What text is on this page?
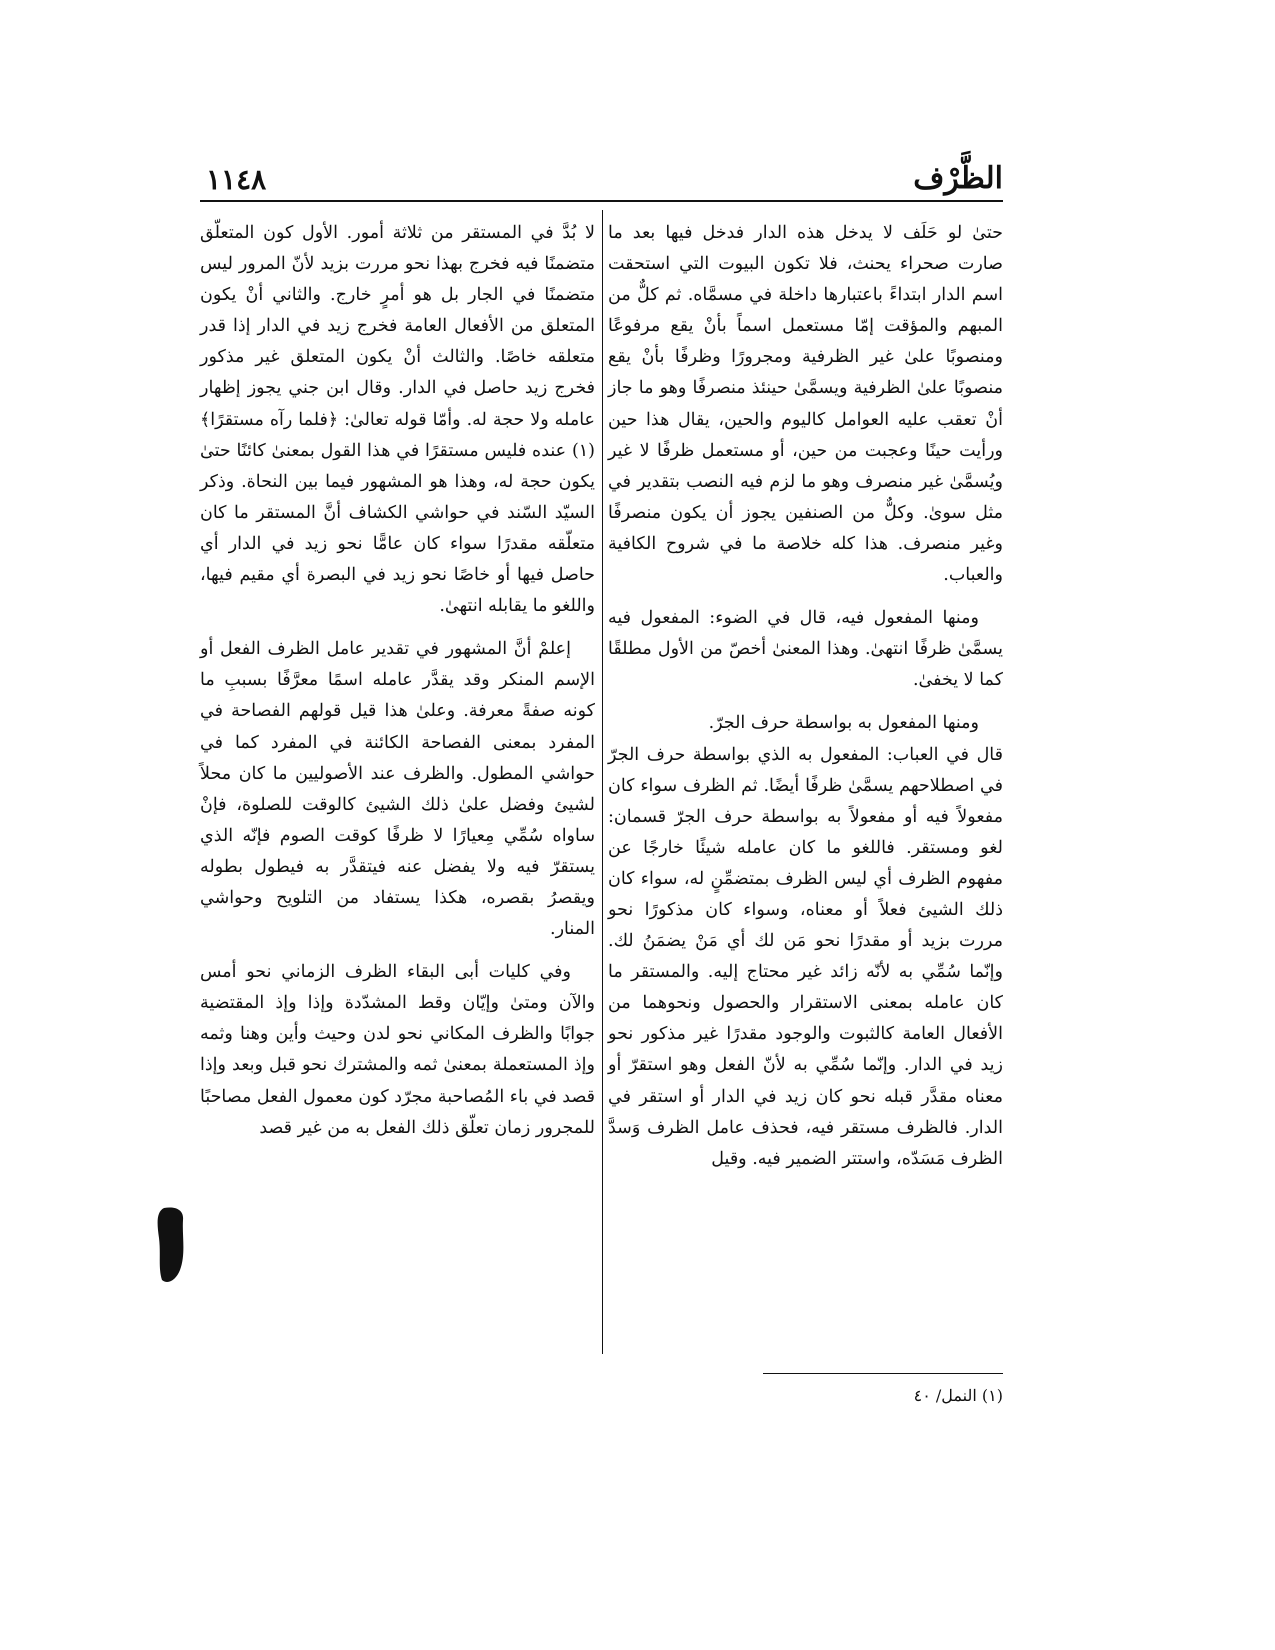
الظَّرْف
١١٤٨

حتىٰ لو حَلَف لا يدخل هذه الدار فدخل فيها بعد ما صارت صحراء يحنث، فلا تكون البيوت التي استحقت اسم الدار ابتداءً باعتبارها داخلة في مسمَّاه. ثم كلٌّ من المبهم والمؤقت إمّا مستعمل اسماً بأنْ يقع مرفوعًا ومنصوبًا علىٰ غير الظرفية ومجرورًا وظرفًا بأنْ يقع منصوبًا علىٰ الظرفية ويسمَّىٰ حينئذ منصرفًا وهو ما جاز أنْ تعقب عليه العوامل كاليوم والحين، يقال هذا حين ورأيت حينًا وعجبت من حين، أو مستعمل ظرفًا لا غير ويُسمَّىٰ غير منصرف وهو ما لزم فيه النصب بتقدير في مثل سوىٰ. وكلٌّ من الصنفين يجوز أن يكون منصرفًا وغير منصرف. هذا كله خلاصة ما في شروح الكافية والعباب.

ومنها المفعول فيه، قال في الضوء: المفعول فيه يسمَّىٰ ظرفًا انتهىٰ. وهذا المعنىٰ أخصّ من الأول مطلقًا كما لا يخفىٰ.

ومنها المفعول به بواسطة حرف الجرّ.

قال في العباب: المفعول به الذي بواسطة حرف الجرّ في اصطلاحهم يسمَّىٰ ظرفًا أيضًا. ثم الظرف سواء كان مفعولاً فيه أو مفعولاً به بواسطة حرف الجرّ قسمان: لغو ومستقر. فاللغو ما كان عامله شيئًا خارجًا عن مفهوم الظرف أي ليس الظرف بمتضمِّنٍ له، سواء كان ذلك الشيئ فعلاً أو معناه، وسواء كان مذكورًا نحو مررت بزيد أو مقدرًا نحو مَن لك أي مَنْ يضمَنُ لك. وإنّما سُمِّي به لأنّه زائد غير محتاج إليه. والمستقر ما كان عامله بمعنى الاستقرار والحصول ونحوهما من الأفعال العامة كالثبوت والوجود مقدرًا غير مذكور نحو زيد في الدار. وإنّما سُمِّي به لأنّ الفعل وهو استقرّ أو معناه مقدَّر قبله نحو كان زيد في الدار أو استقر في الدار. فالظرف مستقر فيه، فحذف عامل الظرف وَسدَّ الظرف مَسَدّه، واستتر الضمير فيه. وقيل

لا بُدَّ في المستقر من ثلاثة أمور. الأول كون المتعلّق متضمنًا فيه فخرج بهذا نحو مررت بزيد لأنّ المرور ليس متضمنًا في الجار بل هو أمرٍ خارج. والثاني أنْ يكون المتعلق من الأفعال العامة فخرج زيد في الدار إذا قدر متعلقه خاصًا. والثالث أنْ يكون المتعلق غير مذكور فخرج زيد حاصل في الدار. وقال ابن جني يجوز إظهار عامله ولا حجة له. وأمّا قوله تعالىٰ: ﴿فلما رآه مستقرًا﴾(١) عنده فليس مستقرًا في هذا القول بمعنىٰ كائنًا حتىٰ يكون حجة له، وهذا هو المشهور فيما بين النحاة. وذكر السيّد السّند في حواشي الكشاف أنَّ المستقر ما كان متعلّقه مقدرًا سواء كان عامًّا نحو زيد في الدار أي حاصل فيها أو خاصًا نحو زيد في البصرة أي مقيم فيها، واللغو ما يقابله انتهىٰ.

إعلمْ أنَّ المشهور في تقدير عامل الظرف الفعل أو الإسم المنكر وقد يقدَّر عامله اسمًا معرَّفًا بسببِ ما كونه صفةً معرفة. وعلىٰ هذا قيل قولهم الفصاحة في المفرد بمعنى الفصاحة الكائنة في المفرد كما في حواشي المطول. والظرف عند الأصوليين ما كان محلاً لشيئ وفضل علىٰ ذلك الشيئ كالوقت للصلوة، فإنْ ساواه سُمِّي مِعيارًا لا ظرفًا كوقت الصوم فإنّه الذي يستقرّ فيه ولا يفضل عنه فيتقدَّر به فيطول بطوله ويقصرُ بقصره، هكذا يستفاد من التلويح وحواشي المنار.

وفي كليات أبى البقاء الظرف الزماني نحو أمس والآن ومتىٰ وإيّان وقط المشدّدة وإذا وإذ المقتضية جوابًا والظرف المكاني نحو لدن وحيث وأين وهنا وثمه وإذ المستعملة بمعنىٰ ثمه والمشترك نحو قبل وبعد وإذا قصد في باء المُصاحبة مجرّد كون معمول الفعل مصاحبًا للمجرور زمان تعلّق ذلك الفعل به من غير قصد

(١) النمل/ ٤٠
